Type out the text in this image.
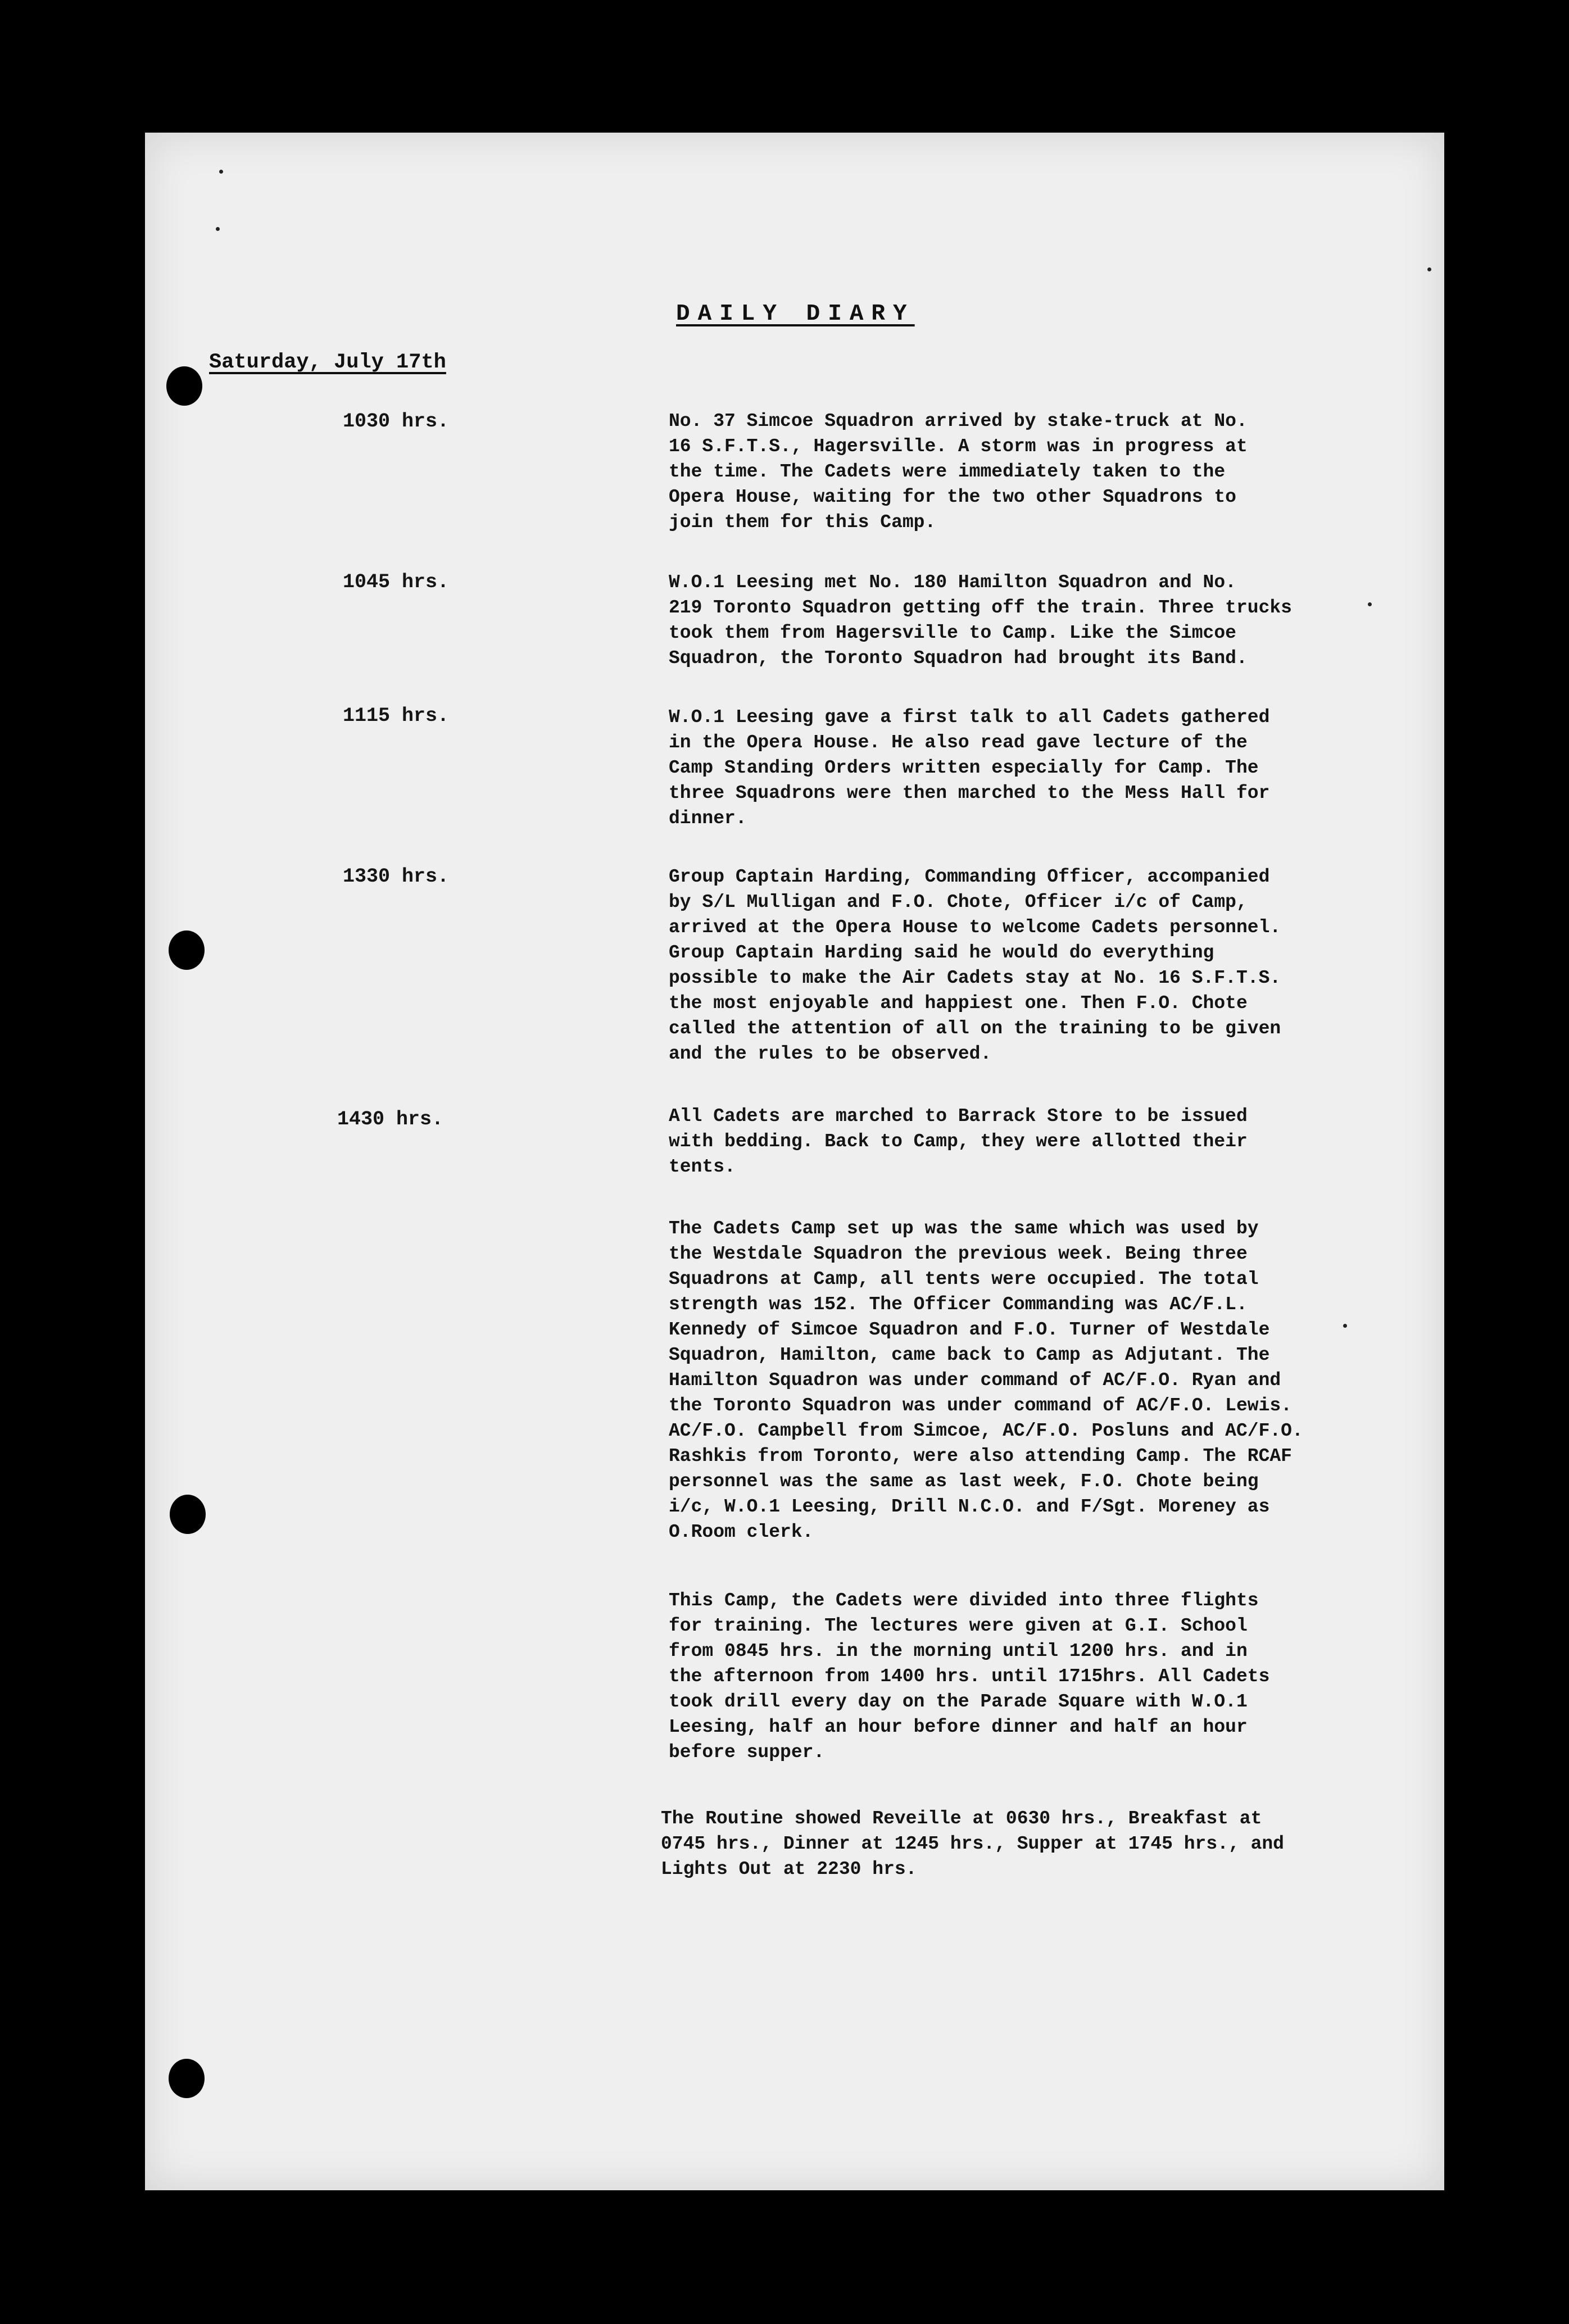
DAILY DIARY
Saturday, July 17th
1030 hrs.	No. 37 Simcoe Squadron arrived by stake-truck at No.
16 S.F.T.S., Hagersville. A storm was in progress at
the time. The Cadets were immediately taken to the
Opera House, waiting for the two other Squadrons to
join them for this Camp.

1045 hrs.	W.O.1 Leesing met No. 180 Hamilton Squadron and No.
219 Toronto Squadron getting off the train. Three trucks
took them from Hagersville to Camp. Like the Simcoe
Squadron, the Toronto Squadron had brought its Band.

1115 hrs.	W.O.1 Leesing gave a first talk to all Cadets gathered
in the Opera House. He also read gave lecture of the
Camp Standing Orders written especially for Camp. The
three Squadrons were then marched to the Mess Hall for
dinner.

1330 hrs.	Group Captain Harding, Commanding Officer, accompanied
by S/L Mulligan and F.O. Chote, Officer i/c of Camp,
arrived at the Opera House to welcome Cadets personnel.
Group Captain Harding said he would do everything
possible to make the Air Cadets stay at No. 16 S.F.T.S.
the most enjoyable and happiest one. Then F.O. Chote
called the attention of all on the training to be given
and the rules to be observed.

1430 hrs.	All Cadets are marched to Barrack Store to be issued
with bedding. Back to Camp, they were allotted their
tents.

The Cadets Camp set up was the same which was used by
the Westdale Squadron the previous week. Being three
Squadrons at Camp, all tents were occupied. The total
strength was 152. The Officer Commanding was AC/F.L.
Kennedy of Simcoe Squadron and F.O. Turner of Westdale
Squadron, Hamilton, came back to Camp as Adjutant. The
Hamilton Squadron was under command of AC/F.O. Ryan and
the Toronto Squadron was under command of AC/F.O. Lewis.
AC/F.O. Campbell from Simcoe, AC/F.O. Posluns and AC/F.O.
Rashkis from Toronto, were also attending Camp. The RCAF
personnel was the same as last week, F.O. Chote being
i/c, W.O.1 Leesing, Drill N.C.O. and F/Sgt. Moreney as
O.Room clerk.

This Camp, the Cadets were divided into three flights
for training. The lectures were given at G.I. School
from 0845 hrs. in the morning until 1200 hrs. and in
the afternoon from 1400 hrs. until 1715hrs. All Cadets
took drill every day on the Parade Square with W.O.1
Leesing, half an hour before dinner and half an hour
before supper.

The Routine showed Reveille at 0630 hrs., Breakfast at
0745 hrs., Dinner at 1245 hrs., Supper at 1745 hrs., and
Lights Out at 2230 hrs.
